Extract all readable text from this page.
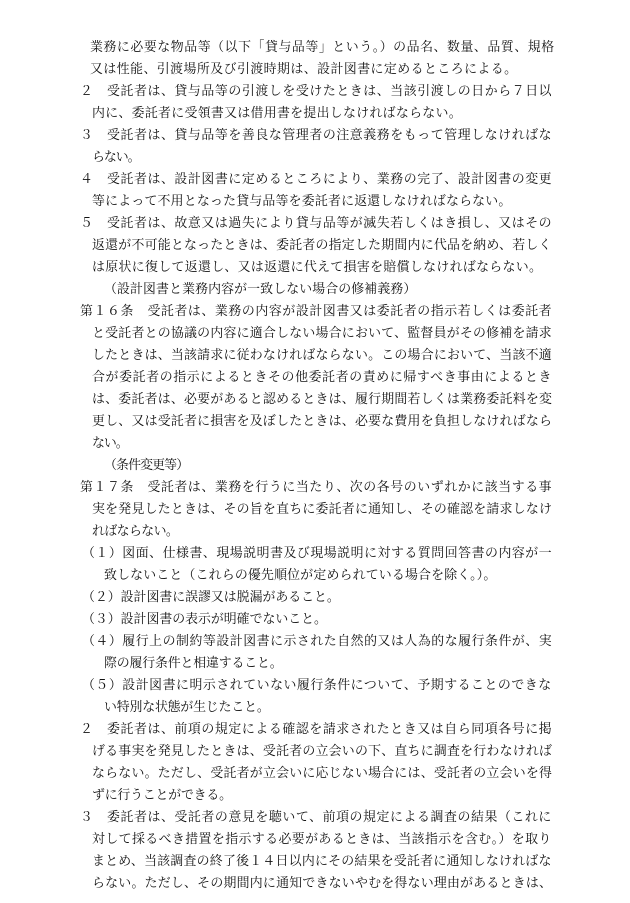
業務に必要な物品等（以下「貸与品等」という。）の品名、数量、品質、規格
又は性能、引渡場所及び引渡時期は、設計図書に定めるところによる。
２　受託者は、貸与品等の引渡しを受けたときは、当該引渡しの日から７日以
内に、委託者に受領書又は借用書を提出しなければならない。
３　受託者は、貸与品等を善良な管理者の注意義務をもって管理しなければな
らない。
４　受託者は、設計図書に定めるところにより、業務の完了、設計図書の変更
等によって不用となった貸与品等を委託者に返還しなければならない。
５　受託者は、故意又は過失により貸与品等が滅失若しくはき損し、又はその
返還が不可能となったときは、委託者の指定した期間内に代品を納め、若しく
は原状に復して返還し、又は返還に代えて損害を賠償しなければならない。
（設計図書と業務内容が一致しない場合の修補義務）
第１６条　受託者は、業務の内容が設計図書又は委託者の指示若しくは委託者
と受託者との協議の内容に適合しない場合において、監督員がその修補を請求
したときは、当該請求に従わなければならない。この場合において、当該不適
合が委託者の指示によるときその他委託者の責めに帰すべき事由によるとき
は、委託者は、必要があると認めるときは、履行期間若しくは業務委託料を変
更し、又は受託者に損害を及ぼしたときは、必要な費用を負担しなければなら
ない。
（条件変更等）
第１７条　受託者は、業務を行うに当たり、次の各号のいずれかに該当する事
実を発見したときは、その旨を直ちに委託者に通知し、その確認を請求しなけ
ればならない。
（１）図面、仕様書、現場説明書及び現場説明に対する質問回答書の内容が一
致しないこと（これらの優先順位が定められている場合を除く。）。
（２）設計図書に誤謬又は脱漏があること。
（３）設計図書の表示が明確でないこと。
（４）履行上の制約等設計図書に示された自然的又は人為的な履行条件が、実
際の履行条件と相違すること。
（５）設計図書に明示されていない履行条件について、予期することのできな
い特別な状態が生じたこと。
２　委託者は、前項の規定による確認を請求されたとき又は自ら同項各号に掲
げる事実を発見したときは、受託者の立会いの下、直ちに調査を行わなければ
ならない。ただし、受託者が立会いに応じない場合には、受託者の立会いを得
ずに行うことができる。
３　委託者は、受託者の意見を聴いて、前項の規定による調査の結果（これに
対して採るべき措置を指示する必要があるときは、当該指示を含む。）を取り
まとめ、当該調査の終了後１４日以内にその結果を受託者に通知しなければな
らない。ただし、その期間内に通知できないやむを得ない理由があるときは、
